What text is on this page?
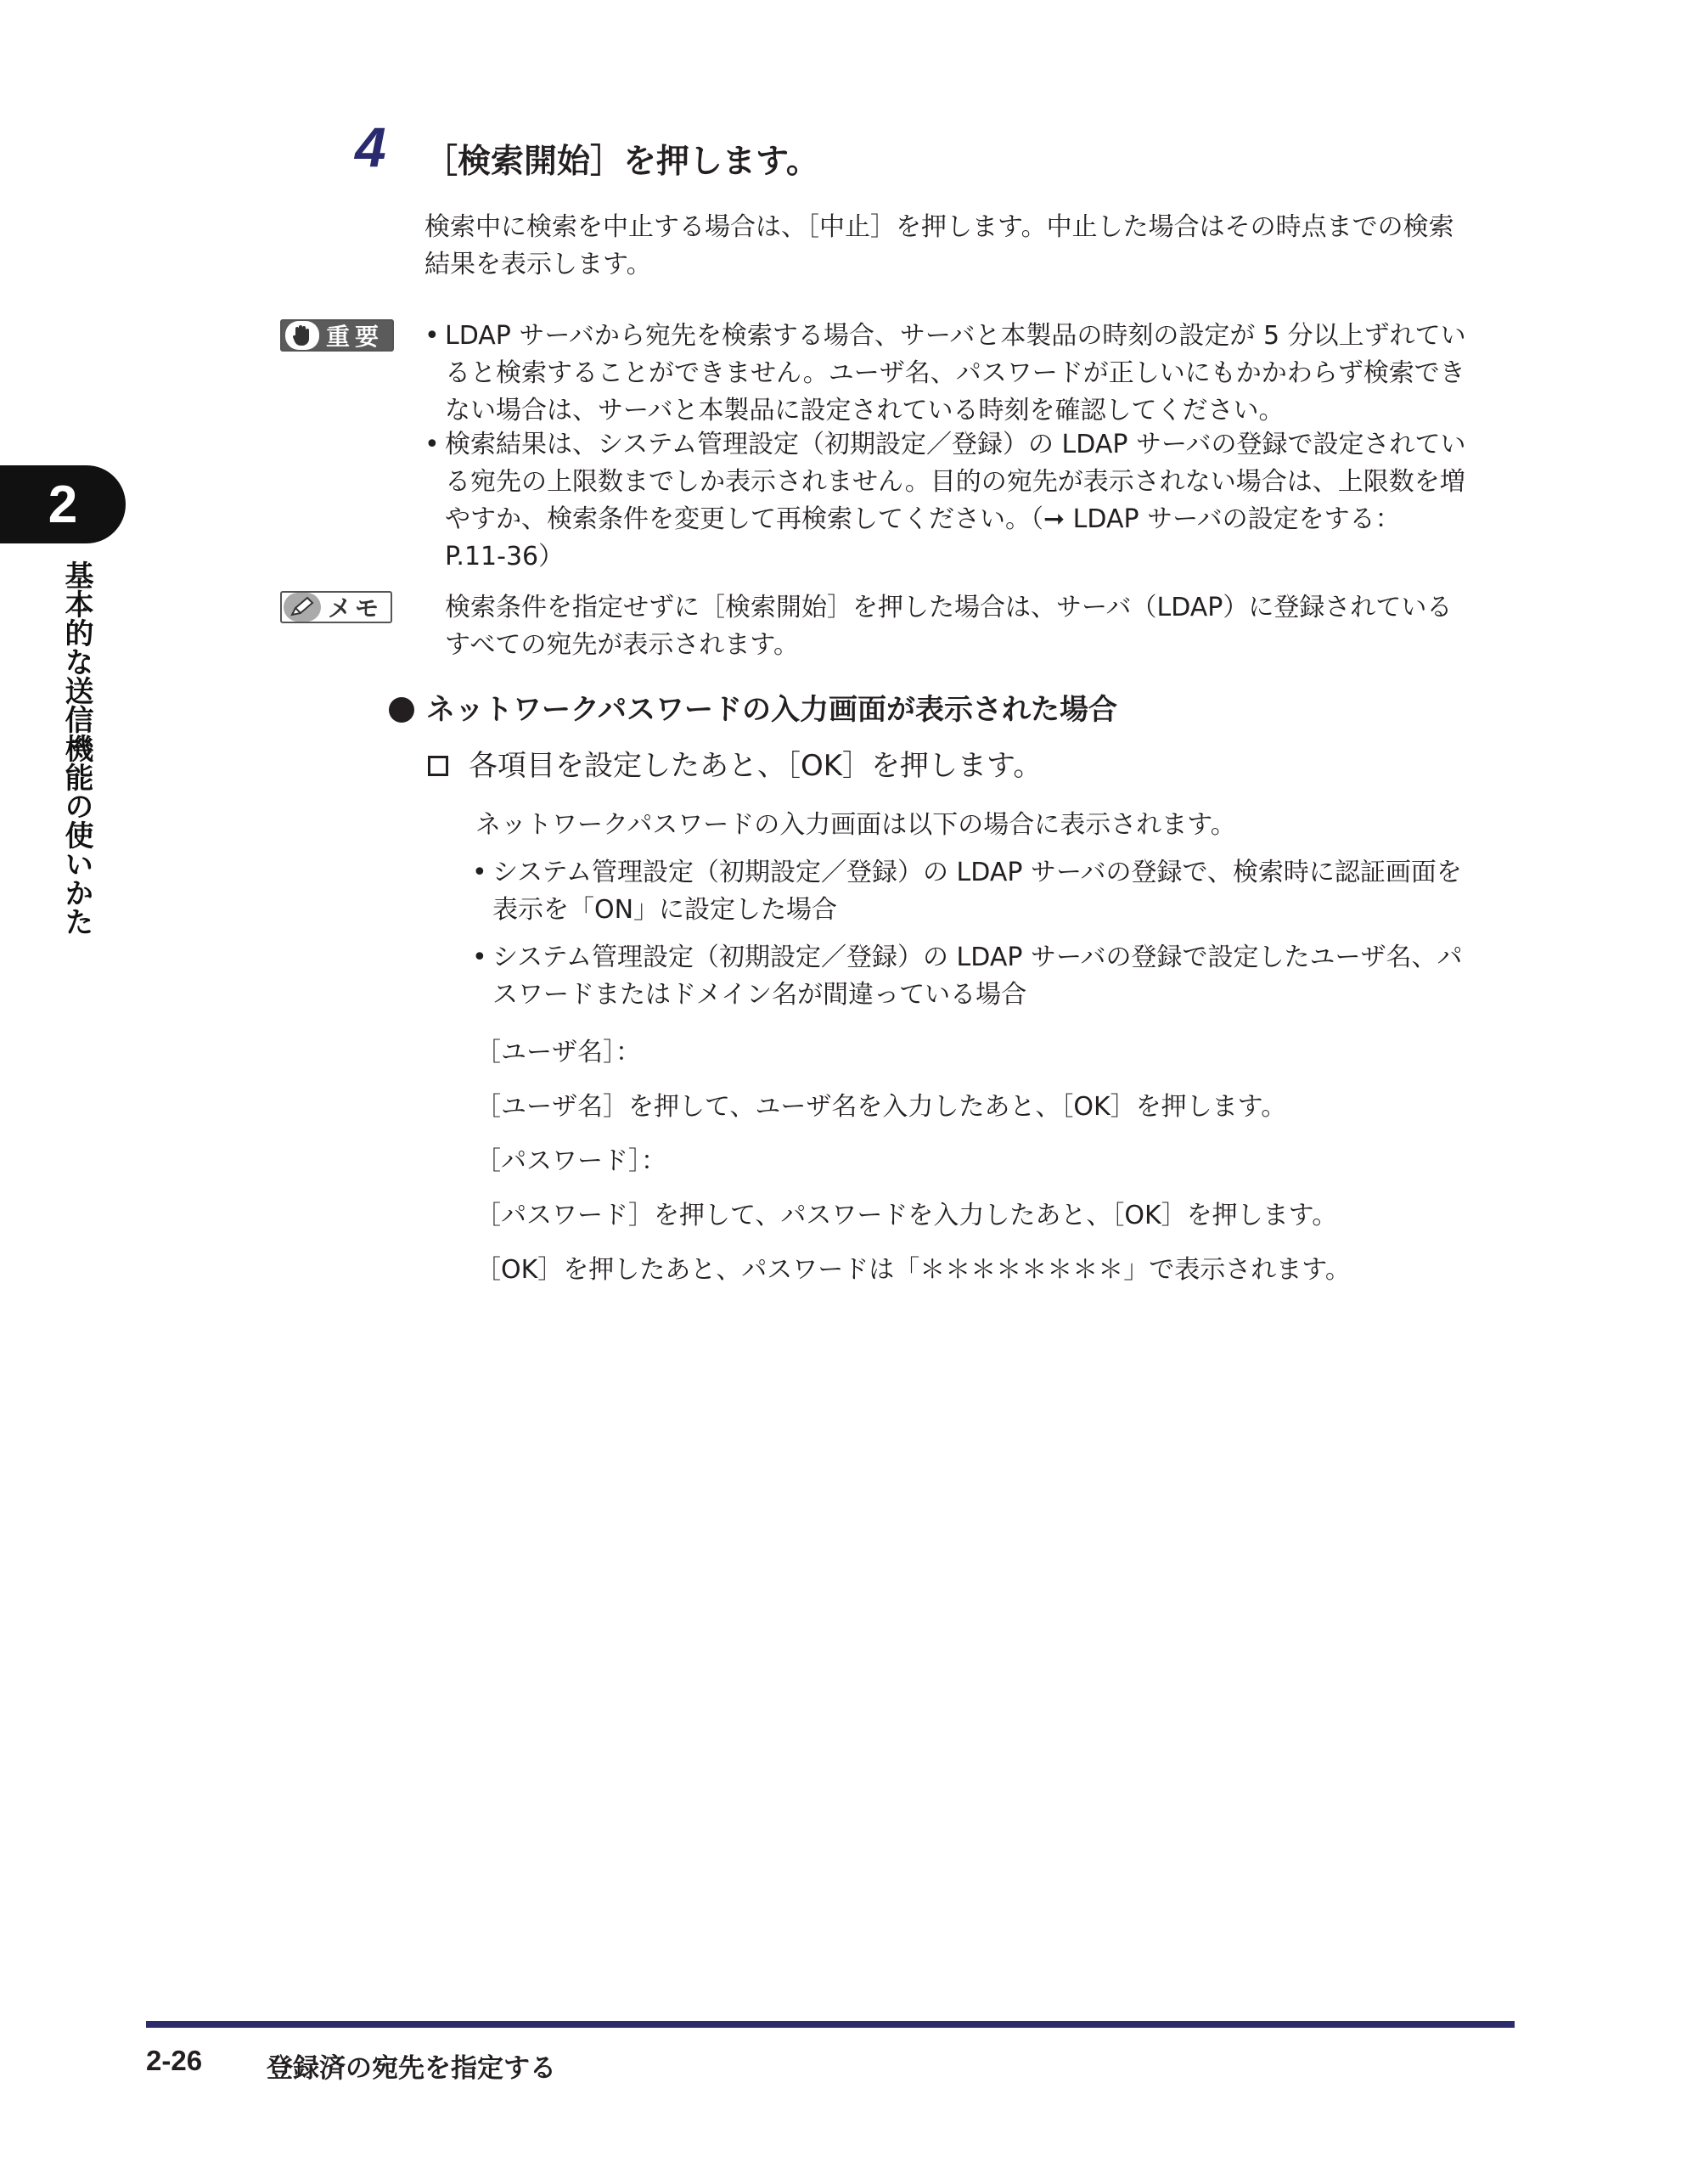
4 ［検索開始］を押します。
検索中に検索を中止する場合は、［中止］を押します。中止した場合はその時点までの検索
結果を表示します。
重要	• LDAP サーバから宛先を検索する場合、サーバと本製品の時刻の設定が 5 分以上ずれてい
ると検索することができません。ユーザ名、パスワードが正しいにもかかわらず検索でき
ない場合は、サーバと本製品に設定されている時刻を確認してください。
• 検索結果は、システム管理設定（初期設定／登録）の LDAP サーバの登録で設定されてい
る宛先の上限数までしか表示されません。目的の宛先が表示されない場合は、上限数を増
やすか、検索条件を変更して再検索してください。（➞ LDAP サーバの設定をする：
P.11-36）
メモ	検索条件を指定せずに［検索開始］を押した場合は、サーバ（LDAP）に登録されている
すべての宛先が表示されます。
ネットワークパスワードの入力画面が表示された場合
各項目を設定したあと、［OK］を押します。
ネットワークパスワードの入力画面は以下の場合に表示されます。
• システム管理設定（初期設定／登録）の LDAP サーバの登録で、検索時に認証画面を
表示を「ON」に設定した場合
• システム管理設定（初期設定／登録）の LDAP サーバの登録で設定したユーザ名、パ
スワードまたはドメイン名が間違っている場合
［ユーザ名］：
［ユーザ名］を押して、ユーザ名を入力したあと、［OK］を押します。
［パスワード］：
［パスワード］を押して、パスワードを入力したあと、［OK］を押します。
［OK］を押したあと、パスワードは「＊＊＊＊＊＊＊＊」で表示されます。
2
基本的な送信機能の使いかた
2-26 登録済の宛先を指定する
